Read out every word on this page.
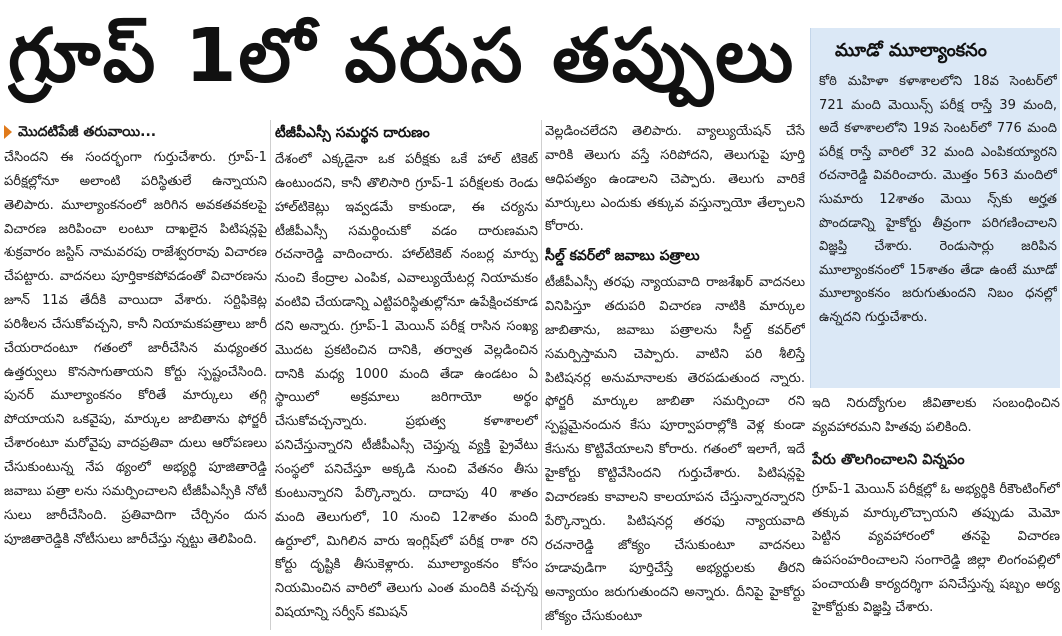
గ్రూప్ 1లో వరుస తప్పులు
మొదటిపేజీ తరువాయి...

చేసిందని ఈ సందర్భంగా గుర్తుచేశారు. గ్రూప్-1 పరీక్షల్లోనూ అలాంటి పరిస్థితులే ఉన్నాయని తెలిపారు. మూల్యాంకనంలో జరిగిన అవకతవకలపై విచారణ జరిపించా లంటూ దాఖలైన పిటిషన్లపై శుక్రవారం జస్టిస్ నామవరపు రాజేశ్వరరావు విచారణ చేపట్టారు. వాదనలు పూర్తికాకపోవడంతో విచారణను జూన్ 11వ తేదీకి వాయిదా వేశారు. సర్టిఫికెట్ల పరిశీలన చేసుకోవచ్చని, కానీ నియామకపత్రాలు జారీ చేయరాదంటూ గతంలో జారీచేసిన మధ్యంతర ఉత్తర్వులు కొనసాగుతాయని కోర్టు స్పష్టంచేసింది. పునర్ మూల్యాంకనం కోరితే మార్కులు తగ్గి పోయాయని ఒకవైపు, మార్కుల జాబితాను ఫోర్జరీ చేశారంటూ మరోవైపు వాదప్రతివా దులు ఆరోపణలు చేసుకుంటున్న నేప థ్యంలో అభ్యర్థి పూజితారెడ్డి జవాబు పత్రా లను సమర్పించాలని టీజీపీఎస్సీకి నోటీ సులు జారీచేసింది. ప్రతివాదిగా చేర్చినం దున పూజితారెడ్డికి నోటీసులు జారీచేస్తు న్నట్టు తెలిపింది.

టీజీపీఎస్సీ సమర్థన దారుణం

దేశంలో ఎక్కడైనా ఒక పరీక్షకు ఒకే హాల్ టికెట్ ఉంటుందని, కానీ తొలిసారి గ్రూప్-1 పరీక్షలకు రెండు హాల్‌టికెట్లు ఇవ్వడమే కాకుండా, ఈ చర్యను టీజీపీఎస్సీ సమర్థించుకో వడం దారుణమని రచనారెడ్డి వాదించారు. హాల్‌టికెట్ నంబర్ల మార్పు నుంచి కేంద్రాల ఎంపిక, ఎవాల్యుయేటర్ల నియామకం వంటివి చేయడాన్ని ఎట్టిపరిస్థితుల్లోనూ ఉపేక్షించకూడ దని అన్నారు. గ్రూప్-1 మెయిన్ పరీక్ష రాసిన సంఖ్య మొదట ప్రకటించిన దానికి, తర్వాత వెల్లడించిన దానికి మధ్య 1000 మంది తేడా ఉండటం ఏ స్థాయిలో అక్రమాలు జరిగాయో అర్థం చేసుకోవచ్చన్నారు. ప్రభుత్వ కళాశాలలో పనిచేస్తున్నారని టీజీపీఎస్సీ చెప్తున్న వ్యక్తి ప్రైవేటు సంస్థలో పనిచేస్తూ అక్కడి నుంచి వేతనం తీసు కుంటున్నారని పేర్కొన్నారు. దాదాపు 40 శాతం మంది తెలుగులో, 10 నుంచి 12శాతం మంది ఉర్దూలో, మిగిలిన వారు ఇంగ్లిష్‌లో పరీక్ష రాశా రని కోర్టు దృష్టికి తీసుకెళ్లారు. మూల్యాంకనం కోసం నియమించిన వారిలో తెలుగు ఎంత మందికి వచ్చన్న విషయాన్ని సర్వీస్ కమిషన్

వెల్లడించలేదని తెలిపారు. వ్యాల్యుయేషన్ చేసే వారికి తెలుగు వస్తే సరిపోదని, తెలుగుపై పూర్తి ఆధిపత్యం ఉండాలని చెప్పారు. తెలుగు వారికే మార్కులు ఎందుకు తక్కువ వస్తున్నాయో తేల్చాలని కోరారు.

సీల్డ్ కవర్‌లో జవాబు పత్రాలు

టీజీపీఎస్సీ తరఫు న్యాయవాది రాజశేఖర్ వాదనలు వినిపిస్తూ తదుపరి విచారణ నాటికి మార్కుల జాబితాను, జవాబు పత్రాలను సీల్డ్ కవర్‌లో సమర్పిస్తామని చెప్పారు. వాటిని పరి శీలిస్తే పిటిషనర్ల అనుమానాలకు తెరపడుతుంద న్నారు. ఫోర్జరీ మార్కుల జాబితా సమర్పించా రని స్పష్టమైనందున కేసు పూర్వాపరాల్లోకి వెళ్ల కుండా కేసును కొట్టివేయాలని కోరారు. గతంలో ఇలాగే, ఇదే హైకోర్టు కొట్టివేసిందని గుర్తుచేశారు. పిటిషన్లపై విచారణకు కావాలని కాలయాపన చేస్తున్నారన్నారని పేర్కొన్నారు. పిటిషనర్ల తరఫు న్యాయవాది రచనారెడ్డి జోక్యం చేసుకుంటూ వాదనలు హడావుడిగా పూర్తిచేస్తే అభ్యర్థులకు తీరని అన్యాయం జరుగుతుందని అన్నారు. దీనిపై హైకోర్టు జోక్యం చేసుకుంటూ

మూడో మూల్యాంకనం
కోఠి మహిళా కళాశాలలోని 18వ సెంటర్‌లో 721 మంది మెయిన్స్ పరీక్ష రాస్తే 39 మంది, అదే కళాశాలలోని 19వ సెంటర్‌లో 776 మంది పరీక్ష రాస్తే వారిలో 32 మంది ఎంపికయ్యారని రచనారెడ్డి వివరించారు. మొత్తం 563 మందిలో సుమారు 12శాతం మెయి న్స్‌కు అర్హత పొందడాన్ని హైకోర్టు తీవ్రంగా పరిగణించాలని విజ్ఞప్తి చేశారు. రెండుసార్లు జరిపిన మూల్యాంకనంలో 15శాతం తేడా ఉంటే మూడో మూల్యాంకనం జరుగుతుందని నిబం ధనల్లో ఉన్నదని గుర్తుచేశారు.

ఇది నిరుద్యోగుల జీవితాలకు సంబంధించిన వ్యవహారమని హితవు పలికింది.

పేరు తొలగించాలని విన్నపం

గ్రూప్-1 మెయిన్ పరీక్షల్లో ఓ అభ్యర్థికి రీకౌంటింగ్‌లో తక్కువ మార్కులొచ్చాయని తప్పుడు మెమో పెట్టిన వ్యవహారంలో తనపై విచారణ ఉపసంహరించాలని సంగారెడ్డి జిల్లా లింగంపల్లిలో పంచాయతీ కార్యదర్శిగా పనిచేస్తున్న షబ్బం అర్య హైకోర్టుకు విజ్ఞప్తి చేశారు.
